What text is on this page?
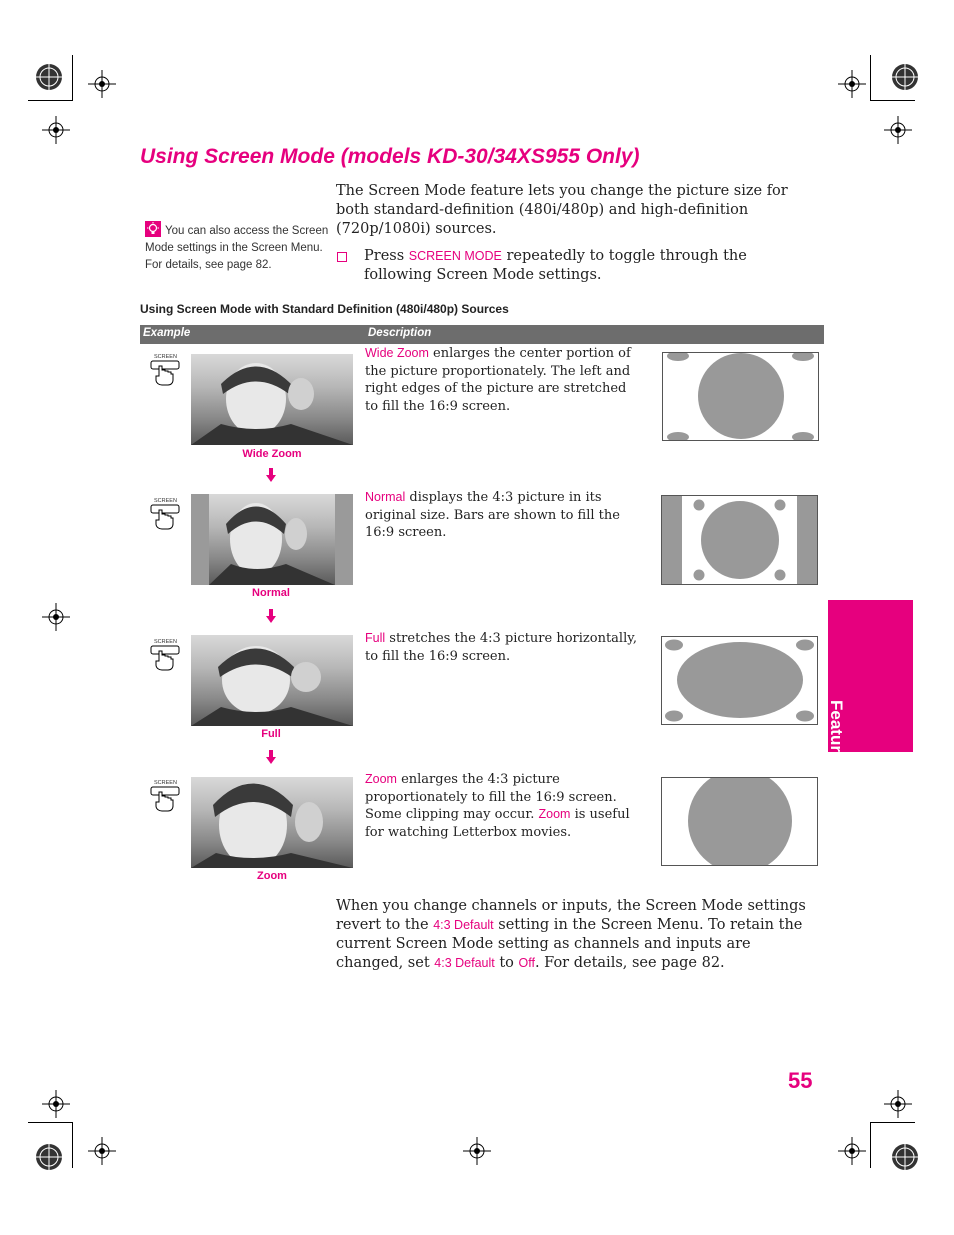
Using Screen Mode (models KD-30/34XS955 Only)
You can also access the Screen Mode settings in the Screen Menu. For details, see page 82.
The Screen Mode feature lets you change the picture size for both standard-definition (480i/480p) and high-definition (720p/1080i) sources.
Press SCREEN MODE repeatedly to toggle through the following Screen Mode settings.
Using Screen Mode with Standard Definition (480i/480p) Sources
Example	Description
SCREEN
Wide Zoom
Wide Zoom enlarges the center portion of the picture proportionately. The left and right edges of the picture are stretched to fill the 16:9 screen.
SCREEN
Normal
Normal displays the 4:3 picture in its original size. Bars are shown to fill the 16:9 screen.
SCREEN
Full
Full stretches the 4:3 picture horizontally, to fill the 16:9 screen.
SCREEN
Zoom
Zoom enlarges the 4:3 picture proportionately to fill the 16:9 screen. Some clipping may occur. Zoom is useful for watching Letterbox movies.
When you change channels or inputs, the Screen Mode settings revert to the 4:3 Default setting in the Screen Menu. To retain the current Screen Mode setting as channels and inputs are changed, set 4:3 Default to Off. For details, see page 82.
Features
55
